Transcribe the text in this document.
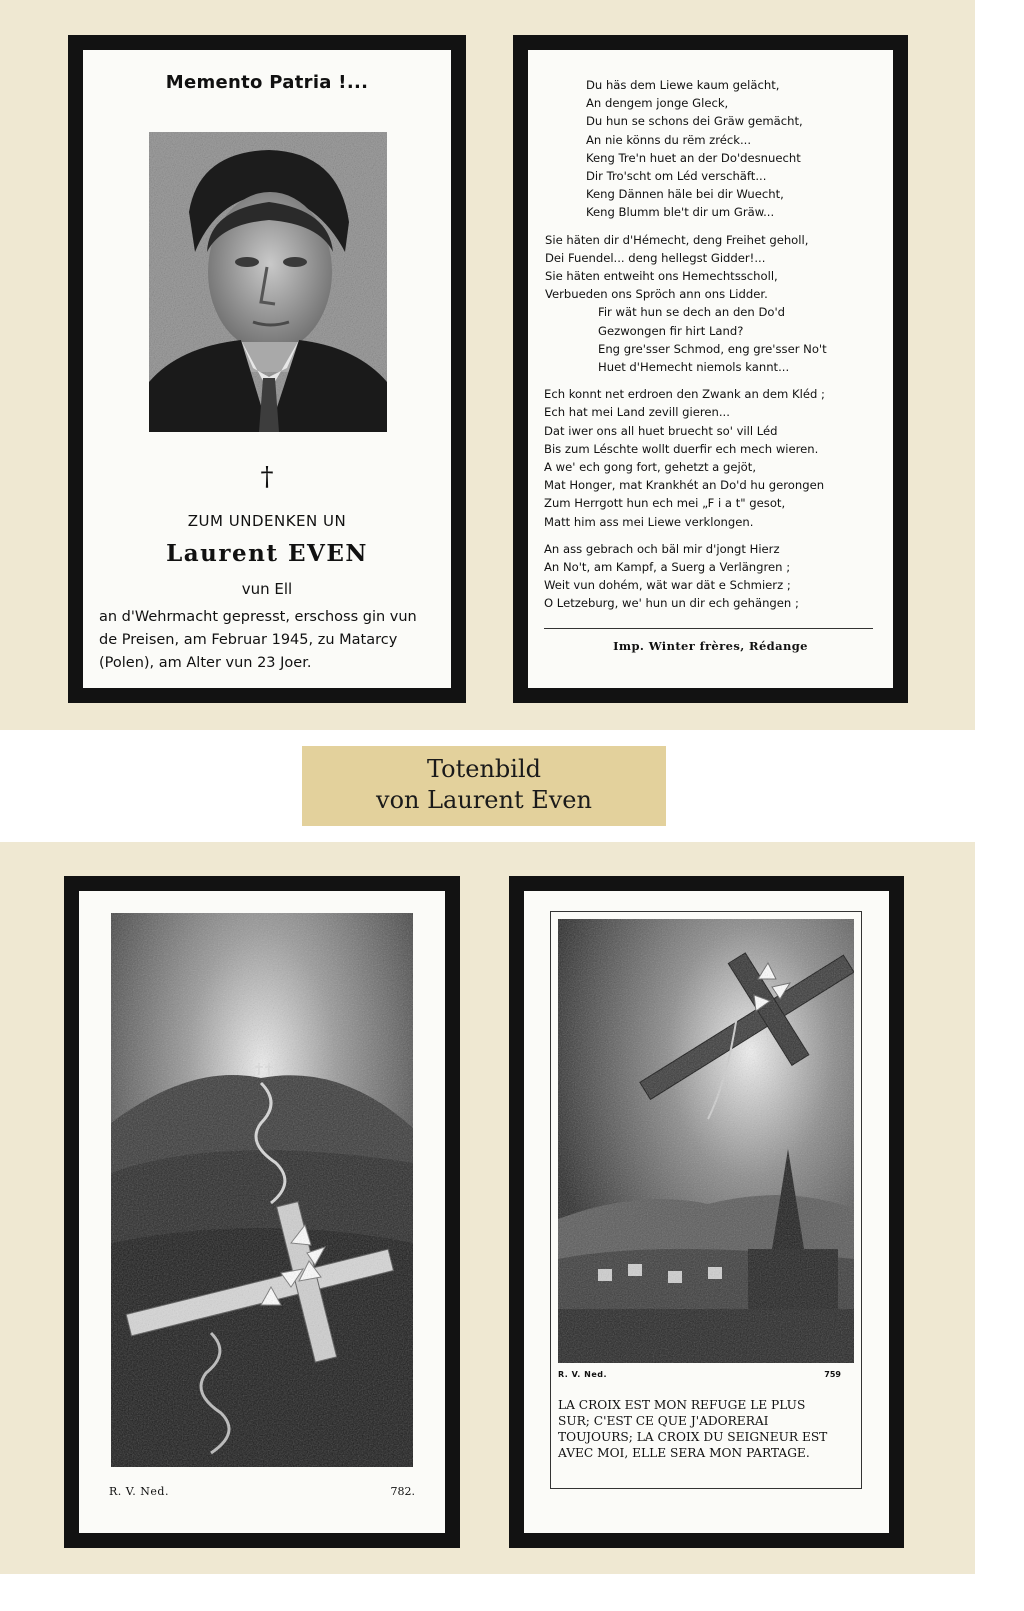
Memento Patria !...
†
ZUM UNDENKEN UN
Laurent EVEN
vun Ell
an d'Wehrmacht gepresst, erschoss gin vun
de Preisen, am Februar 1945, zu Matarcy
(Polen), am Alter vun 23 Joer.
Du häs dem Liewe kaum gelächt,
An dengem jonge Gleck,
Du hun se schons dei Gräw gemächt,
An nie könns du rëm zréck...
Keng Tre'n huet an der Do'desnuecht
Dir Tro'scht om Léd verschäft...
Keng Dännen häle bei dir Wuecht,
Keng Blumm ble't dir um Gräw...
Sie häten dir d'Hémecht, deng Freihet geholl,
Dei Fuendel... deng hellegst Gidder!...
Sie häten entweiht ons Hemechtsscholl,
Verbueden ons Spröch ann ons Lidder.
Fir wät hun se dech an den Do'd
Gezwongen fir hirt Land?
Eng gre'sser Schmod, eng gre'sser No't
Huet d'Hemecht niemols kannt...
Ech konnt net erdroen den Zwank an dem Kléd ;
Ech hat mei Land zevill gieren...
Dat iwer ons all huet bruecht so' vill Léd
Bis zum Léschte wollt duerfir ech mech wieren.
A we' ech gong fort, gehetzt a gejöt,
Mat Honger, mat Krankhét an Do'd hu gerongen
Zum Herrgott hun ech mei „F i a t" gesot,
Matt him ass mei Liewe verklongen.
An ass gebrach och bäl mir d'jongt Hierz
An No't, am Kampf, a Suerg a Verlängren ;
Weit vun dohém, wät war dät e Schmierz ;
O Letzeburg, we' hun un dir ech gehängen ;
Imp. Winter frères, Rédange
Totenbild
von Laurent Even
R. V. Ned.	782.
R. V. Ned.	759
LA CROIX EST MON REFUGE LE PLUS
SUR; C'EST CE QUE J'ADORERAI
TOUJOURS; LA CROIX DU SEIGNEUR EST
AVEC MOI, ELLE SERA MON PARTAGE.
